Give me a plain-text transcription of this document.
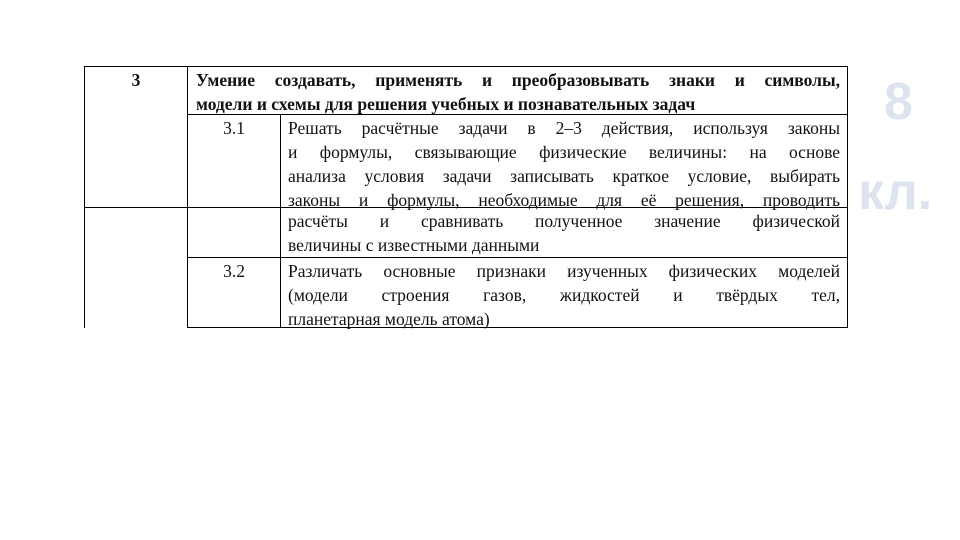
8
кл.
3	Умение создавать, применять и преобразовывать знаки и символы,
модели и схемы для решения учебных и познавательных задач
3.1	Решать расчётные задачи в 2–3 действия, используя законы
и формулы, связывающие физические величины: на основе
анализа условия задачи записывать краткое условие, выбирать
законы и формулы, необходимые для её решения, проводить
расчёты и сравнивать полученное значение физической
величины с известными данными
3.2	Различать основные признаки изученных физических моделей
(модели строения газов, жидкостей и твёрдых тел,
планетарная модель атома)
